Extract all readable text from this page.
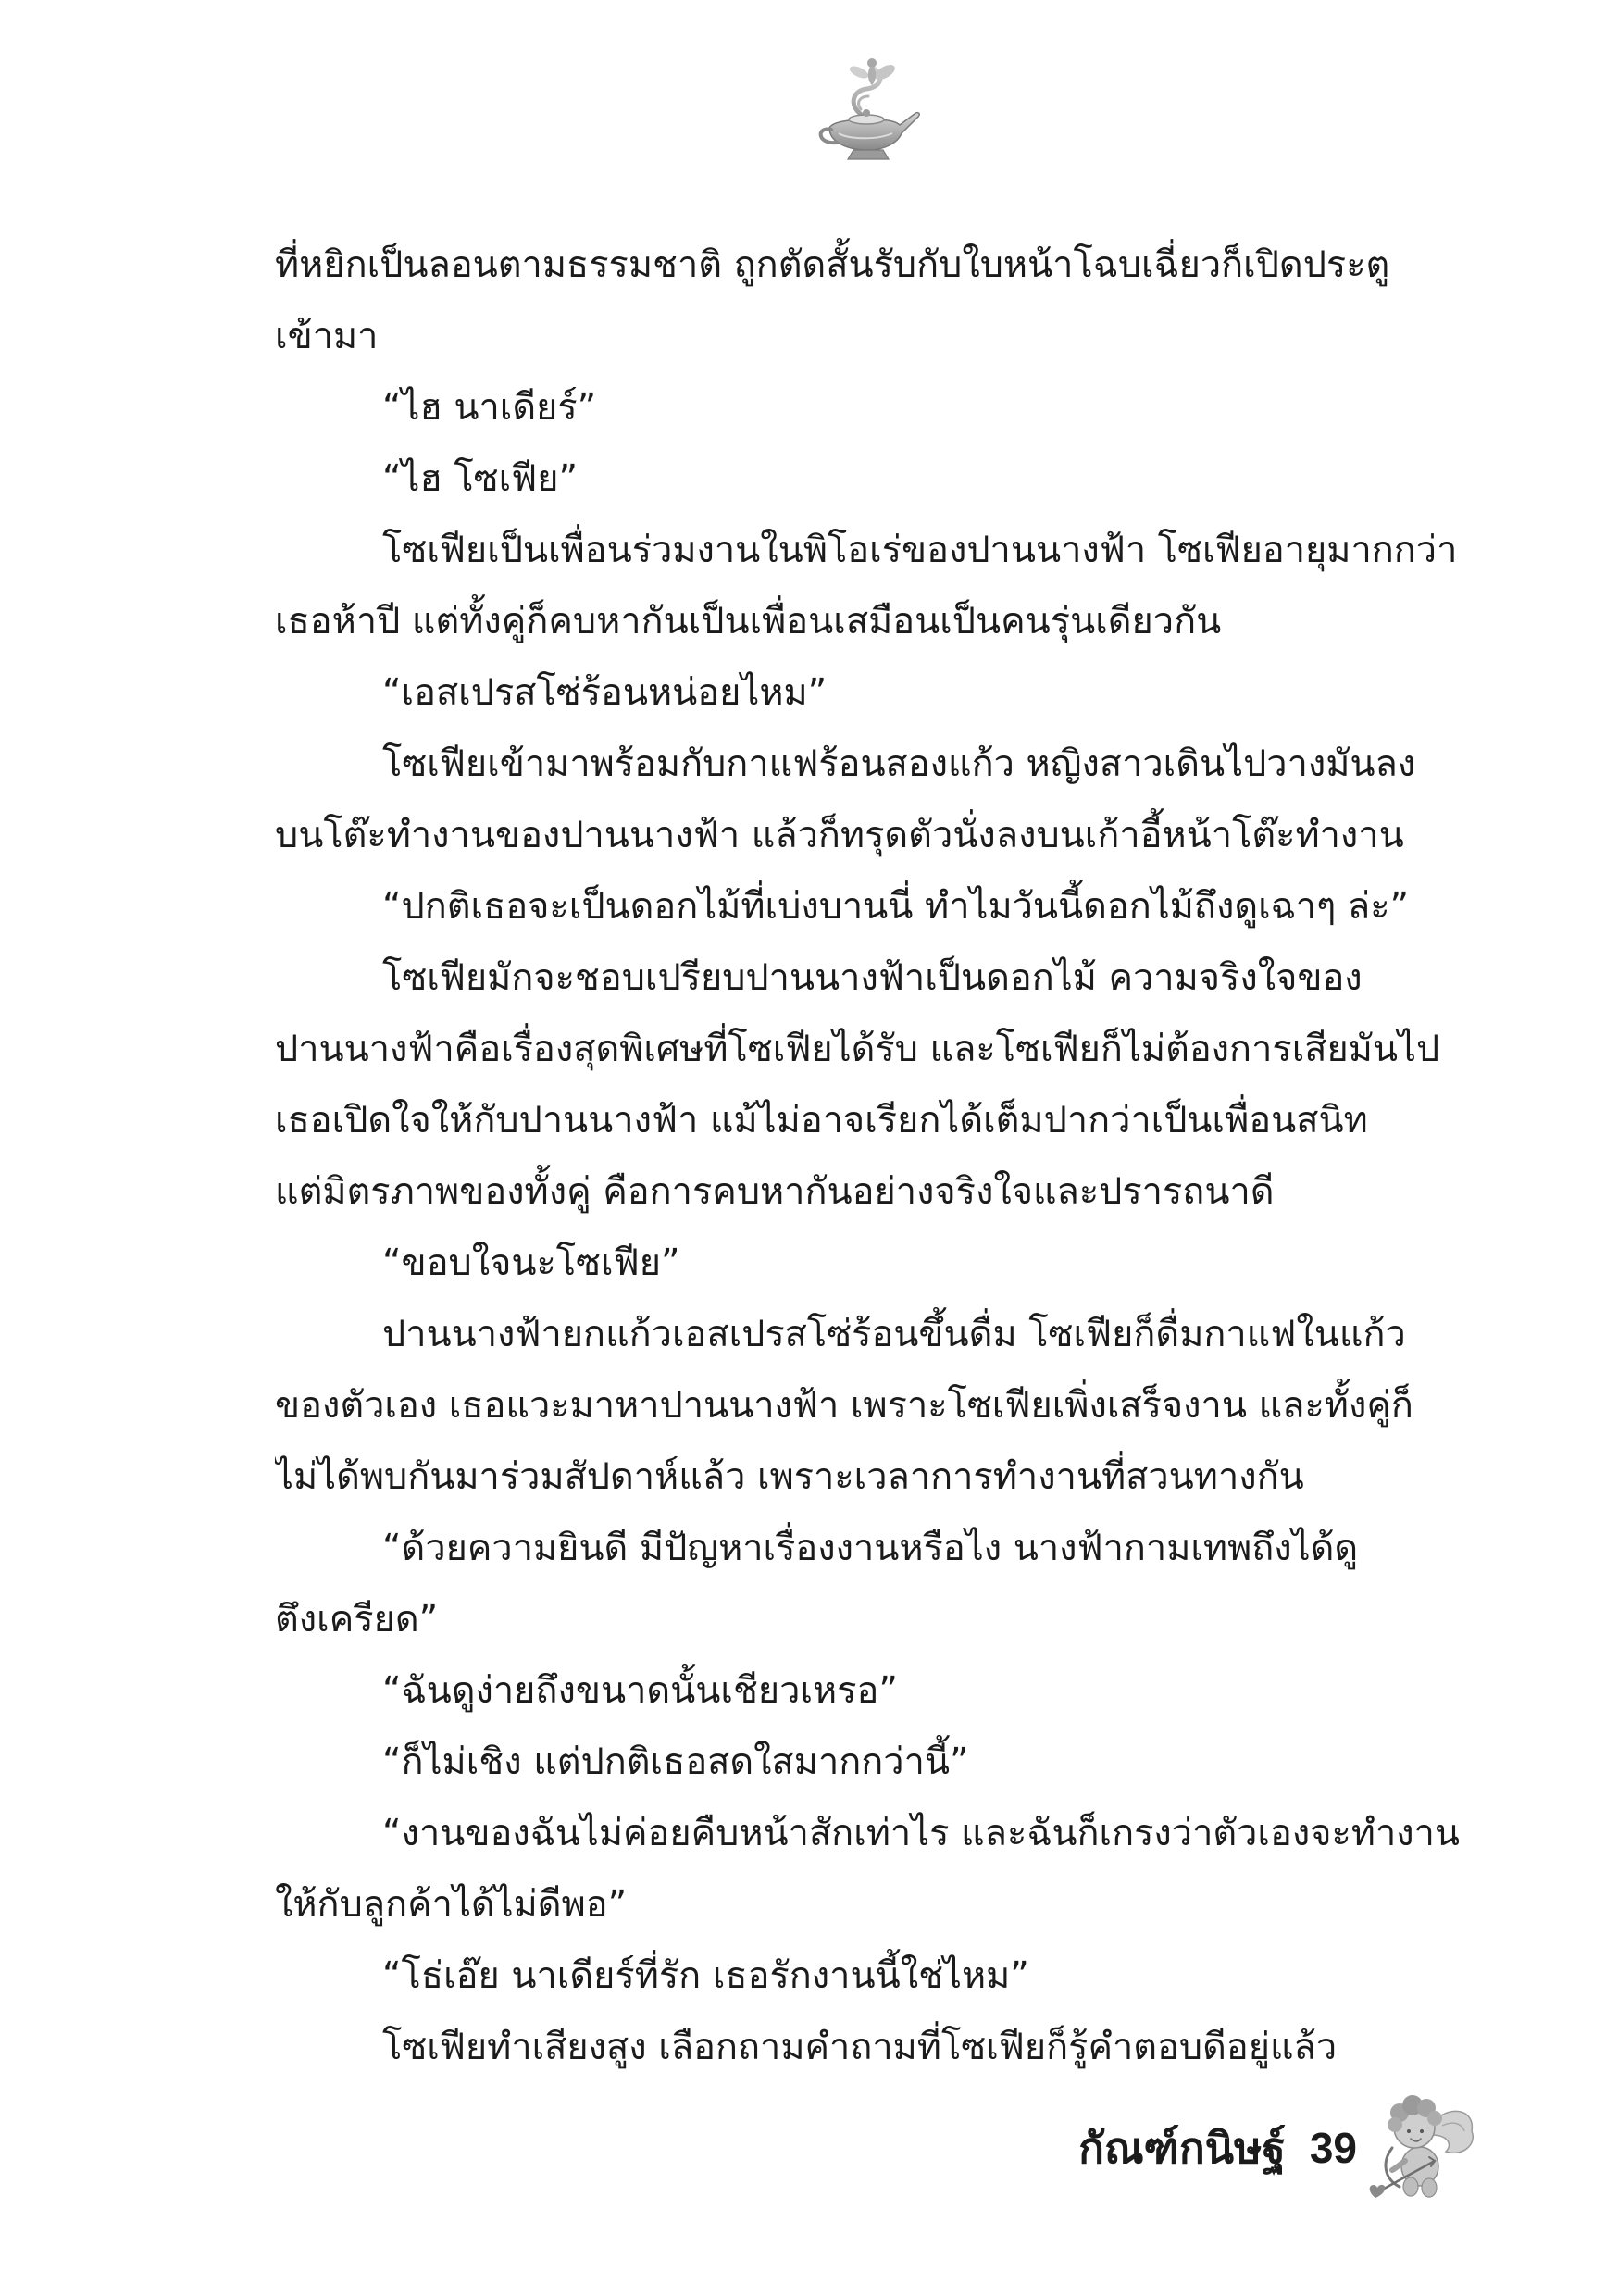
ที่หยิกเป็นลอนตามธรรมชาติ ถูกตัดสั้นรับกับใบหน้าโฉบเฉี่ยวก็เปิดประตู
เข้ามา
“ไฮ นาเดียร์”
“ไฮ โซเฟีย”
โซเฟียเป็นเพื่อนร่วมงานในพิโอเร่ของปานนางฟ้า โซเฟียอายุมากกว่า
เธอห้าปี แต่ทั้งคู่ก็คบหากันเป็นเพื่อนเสมือนเป็นคนรุ่นเดียวกัน
“เอสเปรสโซ่ร้อนหน่อยไหม”
โซเฟียเข้ามาพร้อมกับกาแฟร้อนสองแก้ว หญิงสาวเดินไปวางมันลง
บนโต๊ะทำงานของปานนางฟ้า แล้วก็ทรุดตัวนั่งลงบนเก้าอี้หน้าโต๊ะทำงาน
“ปกติเธอจะเป็นดอกไม้ที่เบ่งบานนี่ ทำไมวันนี้ดอกไม้ถึงดูเฉาๆ ล่ะ”
โซเฟียมักจะชอบเปรียบปานนางฟ้าเป็นดอกไม้ ความจริงใจของ
ปานนางฟ้าคือเรื่องสุดพิเศษที่โซเฟียได้รับ และโซเฟียก็ไม่ต้องการเสียมันไป
เธอเปิดใจให้กับปานนางฟ้า แม้ไม่อาจเรียกได้เต็มปากว่าเป็นเพื่อนสนิท
แต่มิตรภาพของทั้งคู่ คือการคบหากันอย่างจริงใจและปรารถนาดี
“ขอบใจนะโซเฟีย”
ปานนางฟ้ายกแก้วเอสเปรสโซ่ร้อนขึ้นดื่ม โซเฟียก็ดื่มกาแฟในแก้ว
ของตัวเอง เธอแวะมาหาปานนางฟ้า เพราะโซเฟียเพิ่งเสร็จงาน และทั้งคู่ก็
ไม่ได้พบกันมาร่วมสัปดาห์แล้ว เพราะเวลาการทำงานที่สวนทางกัน
“ด้วยความยินดี มีปัญหาเรื่องงานหรือไง นางฟ้ากามเทพถึงได้ดู
ตึงเครียด”
“ฉันดูง่ายถึงขนาดนั้นเชียวเหรอ”
“ก็ไม่เชิง แต่ปกติเธอสดใสมากกว่านี้”
“งานของฉันไม่ค่อยคืบหน้าสักเท่าไร และฉันก็เกรงว่าตัวเองจะทำงาน
ให้กับลูกค้าได้ไม่ดีพอ”
“โธ่เอ๊ย นาเดียร์ที่รัก เธอรักงานนี้ใช่ไหม”
โซเฟียทำเสียงสูง เลือกถามคำถามที่โซเฟียก็รู้คำตอบดีอยู่แล้ว
กัณฑ์กนิษฐ์ 39
